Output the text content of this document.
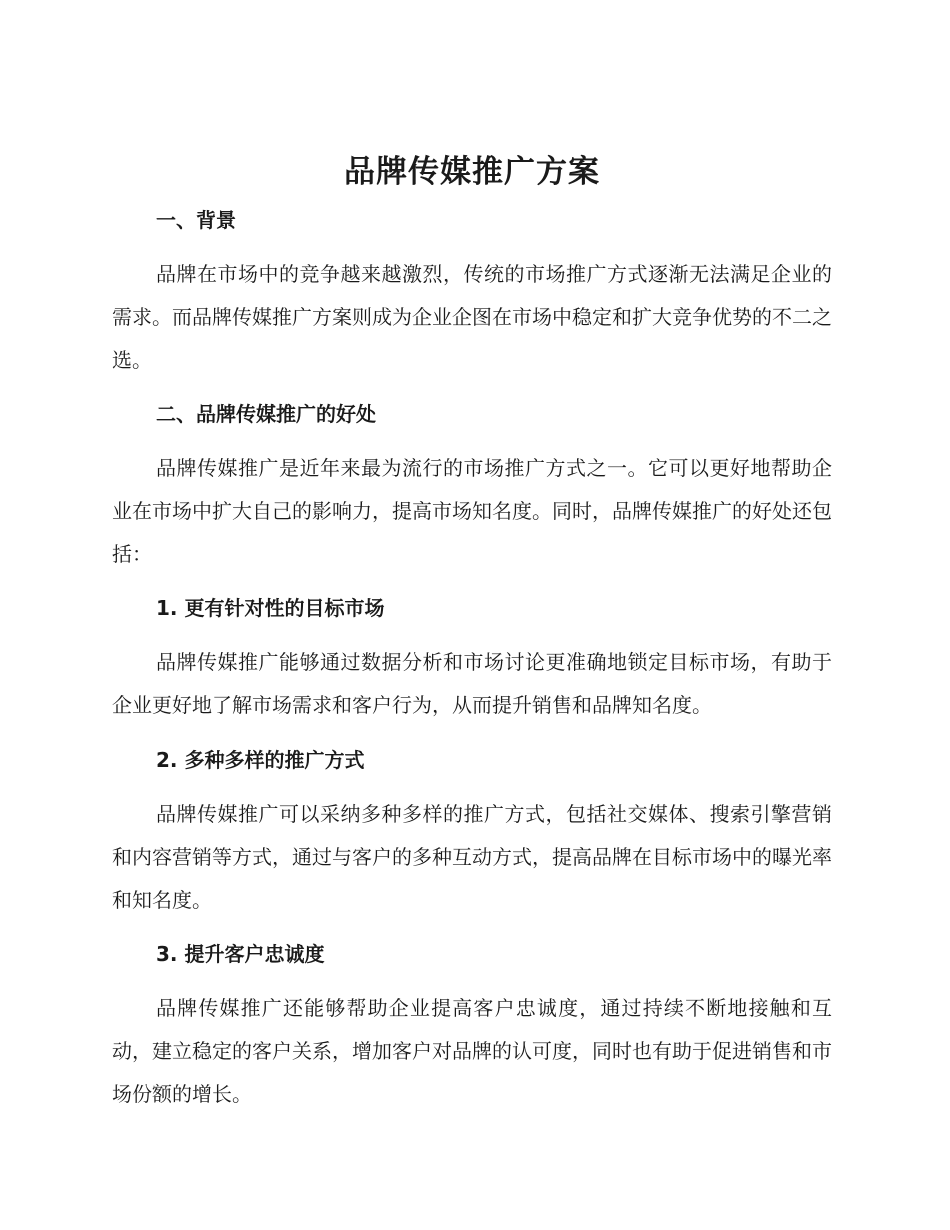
品牌传媒推广方案
一、背景

品牌在市场中的竞争越来越激烈，传统的市场推广方式逐渐无法满足企业的需求。而品牌传媒推广方案则成为企业企图在市场中稳定和扩大竞争优势的不二之选。

二、品牌传媒推广的好处

品牌传媒推广是近年来最为流行的市场推广方式之一。它可以更好地帮助企业在市场中扩大自己的影响力，提高市场知名度。同时，品牌传媒推广的好处还包括：

1. 更有针对性的目标市场

品牌传媒推广能够通过数据分析和市场讨论更准确地锁定目标市场，有助于企业更好地了解市场需求和客户行为，从而提升销售和品牌知名度。

2. 多种多样的推广方式

品牌传媒推广可以采纳多种多样的推广方式，包括社交媒体、搜索引擎营销和内容营销等方式，通过与客户的多种互动方式，提高品牌在目标市场中的曝光率和知名度。

3. 提升客户忠诚度

品牌传媒推广还能够帮助企业提高客户忠诚度，通过持续不断地接触和互动，建立稳定的客户关系，增加客户对品牌的认可度，同时也有助于促进销售和市场份额的增长。
